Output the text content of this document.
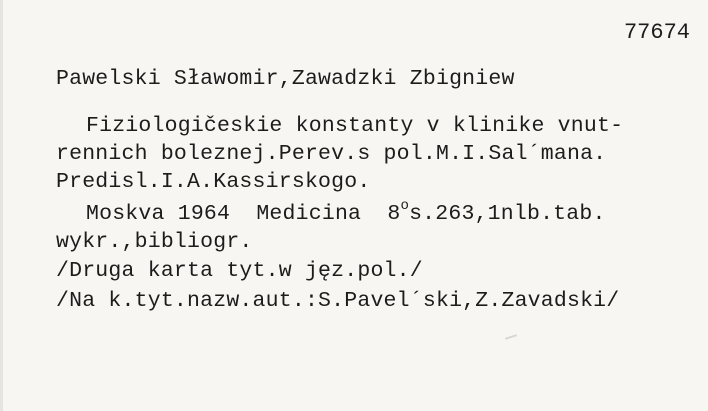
77674
Pawelski Sławomir,Zawadzki Zbigniew
Fiziologičeskie konstanty v klinike vnut-
rennich boleznej.Perev.s pol.M.I.Sal´mana.
Predisl.I.A.Kassirskogo.
Moskva 1964  Medicina  8$^o$s.263,1nlb.tab.
wykr.,bibliogr.
/Druga karta tyt.w jęz.pol./
/Na k.tyt.nazw.aut.:S.Pavel´ski,Z.Zavadski/
